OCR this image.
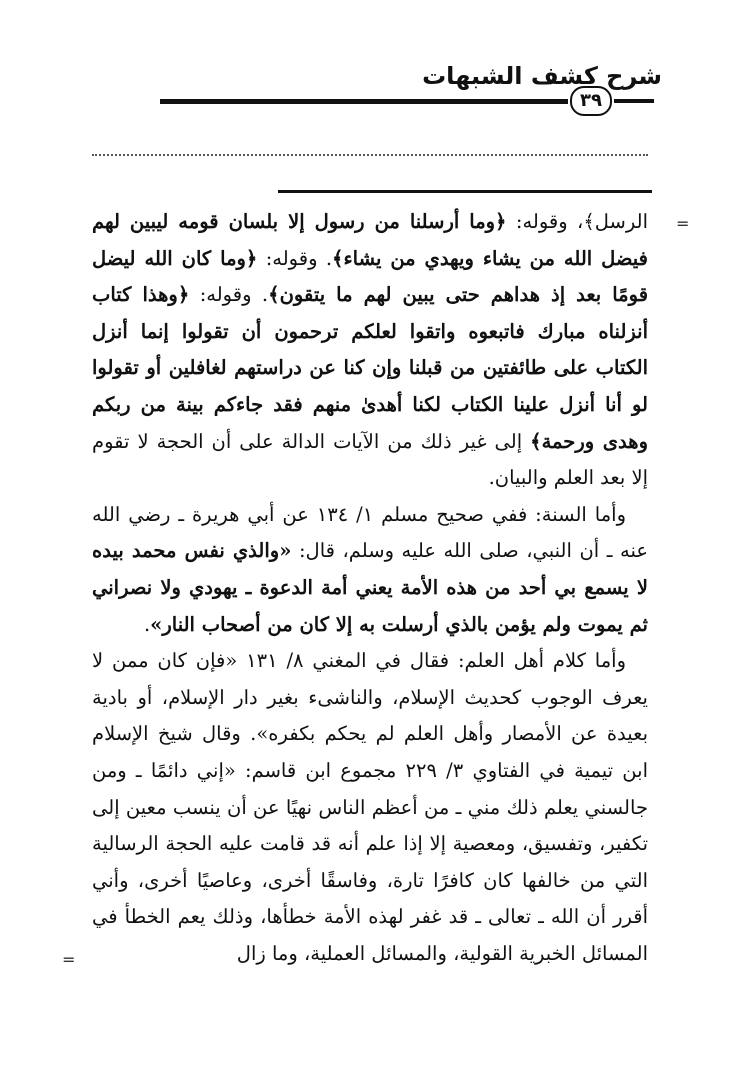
شرح كشف الشبهات
٣٩
=
=

الرسل﴾، وقوله: ﴿وما أرسلنا من رسول إلا بلسان قومه ليبين لهم فيضل الله من يشاء ويهدي من يشاء﴾. وقوله: ﴿وما كان الله ليضل قومًا بعد إذ هداهم حتى يبين لهم ما يتقون﴾. وقوله: ﴿وهذا كتاب أنزلناه مبارك فاتبعوه واتقوا لعلكم ترحمون أن تقولوا إنما أنزل الكتاب على طائفتين من قبلنا وإن كنا عن دراستهم لغافلين أو تقولوا لو أنا أنزل علينا الكتاب لكنا أهدىٰ منهم فقد جاءكم بينة من ربكم وهدى ورحمة﴾ إلى غير ذلك من الآيات الدالة على أن الحجة لا تقوم إلا بعد العلم والبيان.

وأما السنة: ففي صحيح مسلم ١/ ١٣٤ عن أبي هريرة ـ رضي الله عنه ـ أن النبي، صلى الله عليه وسلم، قال: «والذي نفس محمد بيده لا يسمع بي أحد من هذه الأمة يعني أمة الدعوة ـ يهودي ولا نصراني ثم يموت ولم يؤمن بالذي أرسلت به إلا كان من أصحاب النار».

وأما كلام أهل العلم: فقال في المغني ٨/ ١٣١ «فإن كان ممن لا يعرف الوجوب كحديث الإسلام، والناشىء بغير دار الإسلام، أو بادية بعيدة عن الأمصار وأهل العلم لم يحكم بكفره». وقال شيخ الإسلام ابن تيمية في الفتاوي ٣/ ٢٢٩ مجموع ابن قاسم: «إني دائمًا ـ ومن جالسني يعلم ذلك مني ـ من أعظم الناس نهيًا عن أن ينسب معين إلى تكفير، وتفسيق، ومعصية إلا إذا علم أنه قد قامت عليه الحجة الرسالية التي من خالفها كان كافرًا تارة، وفاسقًا أخرى، وعاصيًا أخرى، وأني أقرر أن الله ـ تعالى ـ قد غفر لهذه الأمة خطأها، وذلك يعم الخطأ في المسائل الخبرية القولية، والمسائل العملية، وما زال
